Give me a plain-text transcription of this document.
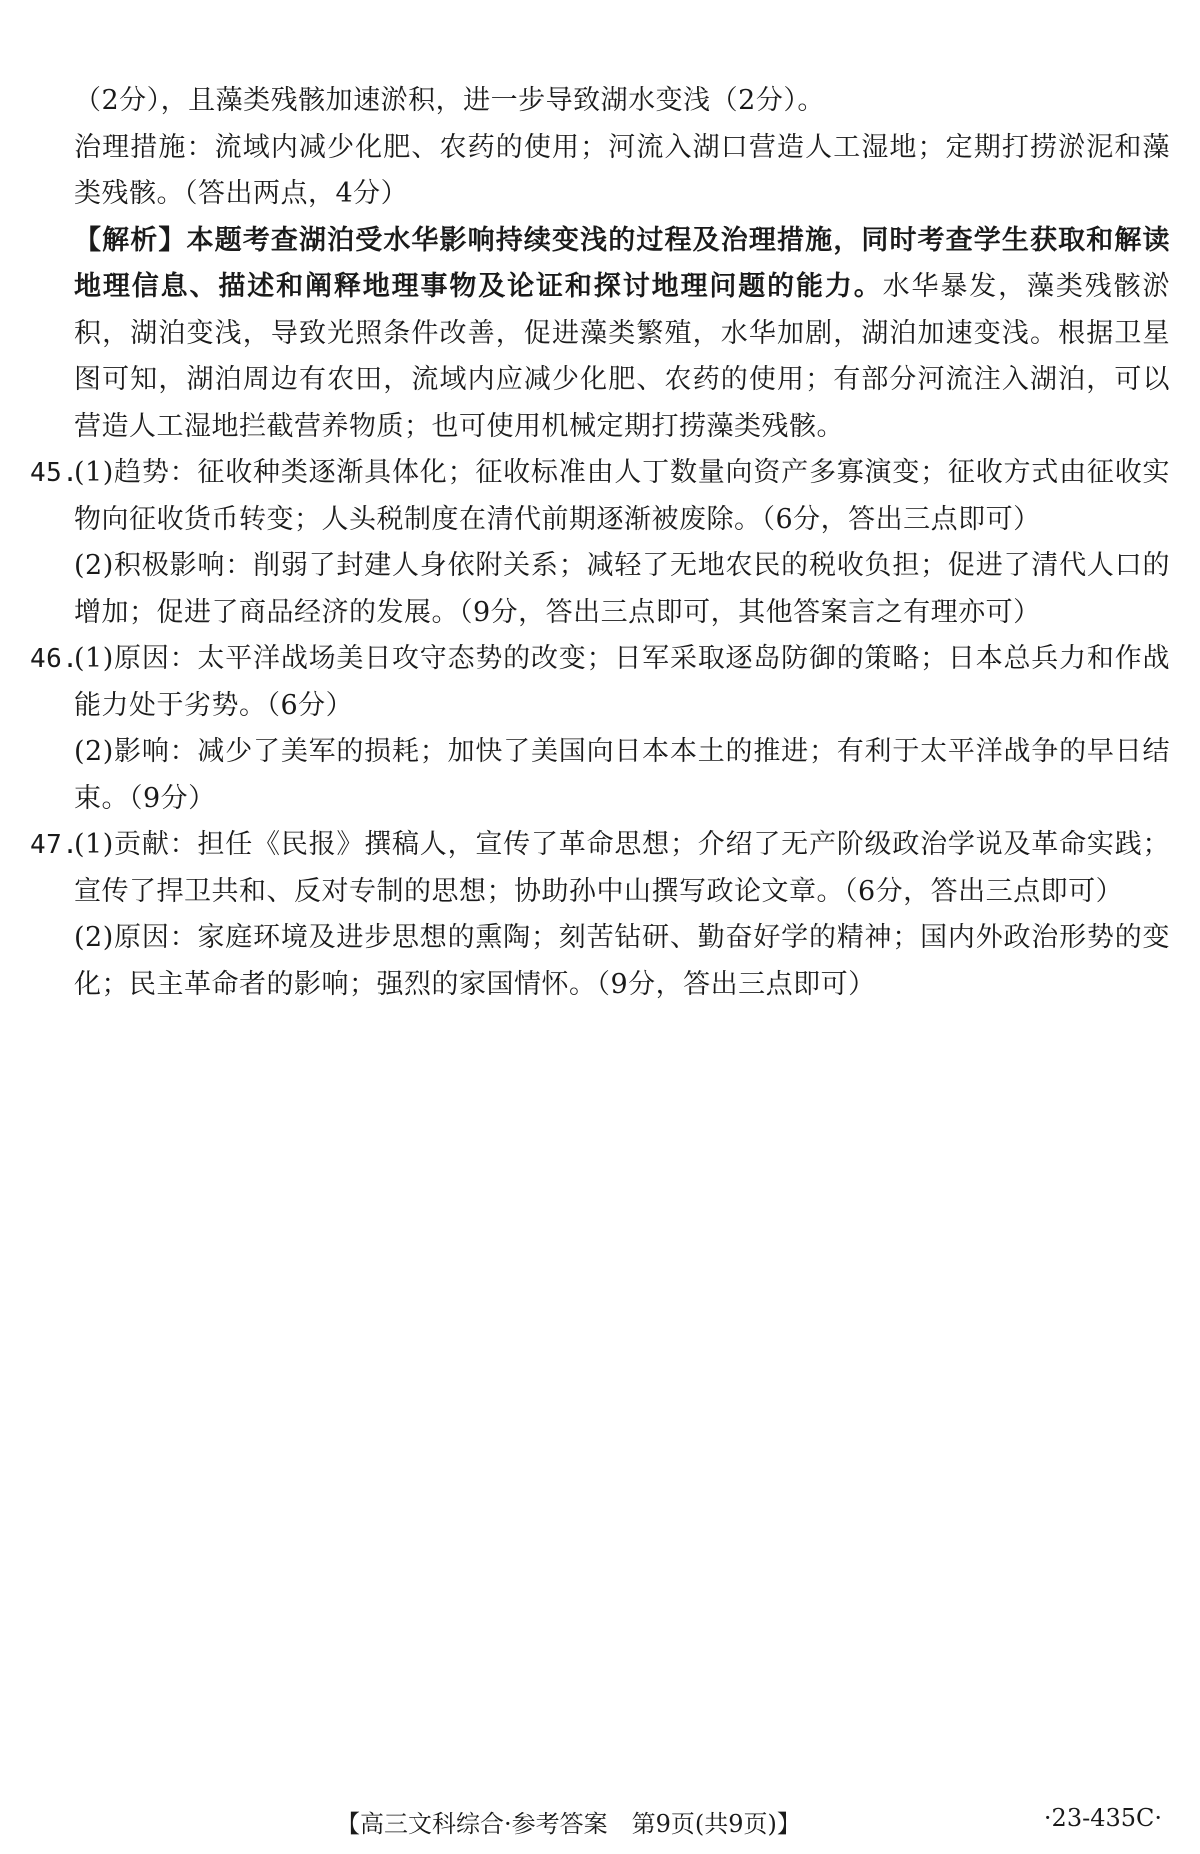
（2分），且藻类残骸加速淤积，进一步导致湖水变浅（2分）。

治理措施：流域内减少化肥、农药的使用；河流入湖口营造人工湿地；定期打捞淤泥和藻类残骸。（答出两点，4分）

【解析】本题考查湖泊受水华影响持续变浅的过程及治理措施，同时考查学生获取和解读地理信息、描述和阐释地理事物及论证和探讨地理问题的能力。水华暴发，藻类残骸淤积，湖泊变浅，导致光照条件改善，促进藻类繁殖，水华加剧，湖泊加速变浅。根据卫星图可知，湖泊周边有农田，流域内应减少化肥、农药的使用；有部分河流注入湖泊，可以营造人工湿地拦截营养物质；也可使用机械定期打捞藻类残骸。

45.

(1)趋势：征收种类逐渐具体化；征收标准由人丁数量向资产多寡演变；征收方式由征收实物向征收货币转变；人头税制度在清代前期逐渐被废除。（6分，答出三点即可）

(2)积极影响：削弱了封建人身依附关系；减轻了无地农民的税收负担；促进了清代人口的增加；促进了商品经济的发展。（9分，答出三点即可，其他答案言之有理亦可）

46.

(1)原因：太平洋战场美日攻守态势的改变；日军采取逐岛防御的策略；日本总兵力和作战能力处于劣势。（6分）

(2)影响：减少了美军的损耗；加快了美国向日本本土的推进；有利于太平洋战争的早日结束。（9分）

47.

(1)贡献：担任《民报》撰稿人，宣传了革命思想；介绍了无产阶级政治学说及革命实践；宣传了捍卫共和、反对专制的思想；协助孙中山撰写政论文章。（6分，答出三点即可）

(2)原因：家庭环境及进步思想的熏陶；刻苦钻研、勤奋好学的精神；国内外政治形势的变化；民主革命者的影响；强烈的家国情怀。（9分，答出三点即可）

【高三文科综合·参考答案　第9页(共9页)】	·23-435C·
